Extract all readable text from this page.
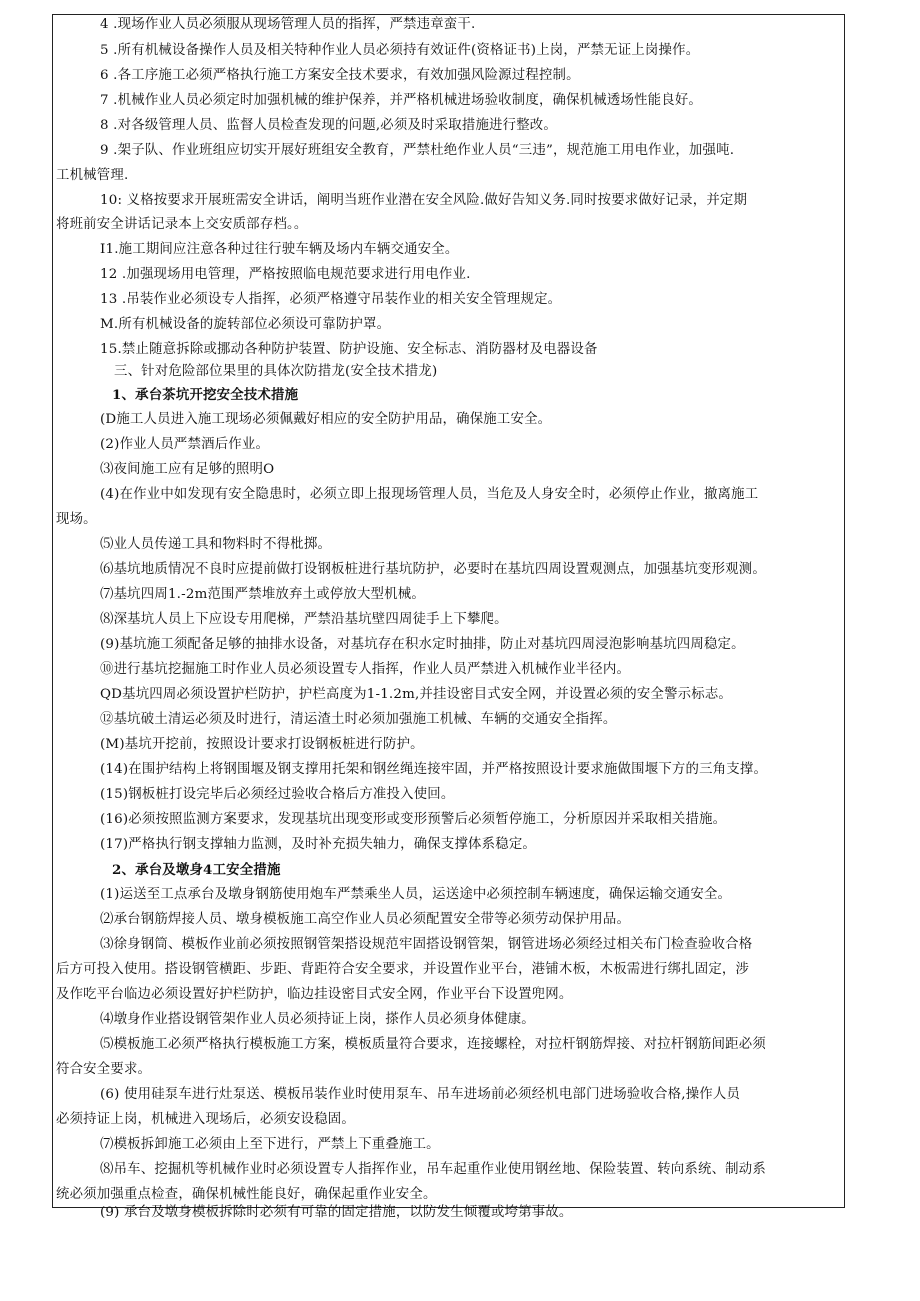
4 .现场作业人员必须服从现场管理人员的指挥，严禁违章蛮干.
5 .所有机械设备操作人员及相关特种作业人员必须持有效证件(资格证书)上岗，严禁无证上岗操作。
6 .各工序施工必须严格执行施工方案安全技术要求，有效加强风险源过程控制。
7 .机械作业人员必须定时加强机械的维护保养，并严格机械进场验收制度，确保机械透场性能良好。
8 .对各级管理人员、监督人员检查发现的问题,必须及时采取措施进行整改。
9 .架子队、作业班组应切实开展好班组安全教育，严禁杜绝作业人员“三违”，规范施工用电作业，加强吨.
工机械管理.
10: 义格按要求开展班需安全讲话，阐明当班作业潜在安全风险.做好告知义务.同时按要求做好记录，并定期
将班前安全讲话记录本上交安质部存档。。
I1.施工期间应注意各种过往行驶车辆及场内车辆交通安全。
12 .加强现场用电管理，严格按照临电规范要求进行用电作业.
13 .吊装作业必须设专人指挥，必须严格遵守吊装作业的相关安全管理规定。
M.所有机械设备的旋转部位必须设可靠防护罩。
15.禁止随意拆除或挪动各种防护装置、防护设施、安全标志、消防器材及电器设备
三、针对危险部位果里的具体次防措龙(安全技术措龙)
1、承台茶坑开挖安全技术措施
(D施工人员进入施工现场必须佩戴好相应的安全防护用品，确保施工安全。
(2)作业人员严禁酒后作业。
⑶夜间施工应有足够的照明O
(4)在作业中如发现有安全隐患时，必须立即上报现场管理人员，当危及人身安全时，必须停止作业，撤离施工
现场。
⑸业人员传递工具和物料时不得枇掷。
⑹基坑地质情况不良时应提前做打设钢板桩进行基坑防护，必要时在基坑四周设置观测点，加强基坑变形观测。
⑺基坑四周1.-2m范围严禁堆放弃土或停放大型机械。
⑻深基坑人员上下应设专用爬梯，严禁沿基坑壁四周徒手上下攀爬。
(9)基坑施工须配备足够的抽排水设备，对基坑存在积水定时抽排，防止对基坑四周浸泡影响基坑四周稳定。
⑩进行基坑挖掘施工时作业人员必须设置专人指挥，作业人员严禁进入机械作业半径内。
QD基坑四周必须设置护栏防护，护栏高度为1-1.2m,并挂设密目式安全网，并设置必须的安全警示标志。
⑫基坑破土清运必须及时进行，清运渣土时必须加强施工机械、车辆的交通安全指挥。
(M)基坑开挖前，按照设计要求打设钢板桩进行防护。
(14)在围护结构上将钢围堰及钢支撑用托架和钢丝绳连接牢固，并严格按照设计要求施做围堰下方的三角支撑。
(15)钢板桩打设完毕后必须经过验收合格后方准投入使回。
(16)必须按照监测方案要求，发现基坑出现变形或变形预警后必须暂停施工，分析原因并采取相关措施。
(17)严格执行钢支撑轴力监测，及时补充损失轴力，确保支撑体系稳定。
2、承台及墩身4工安全措施
(1)运送至工点承台及墩身钢筋使用炮车严禁乘坐人员，运送途中必须控制车辆速度，确保运输交通安全。
⑵承台钢筋焊接人员、墩身模板施工高空作业人员必须配置安全带等必须劳动保护用品。
⑶徐身钢筒、模板作业前必须按照钢管架搭设规范牢固搭设钢管架，钢管进场必须经过相关布门检查验收合格
后方可投入使用。搭设钢管横距、步距、背距符合安全要求，并设置作业平台，港铺木板，木板需进行绑扎固定，涉
及作吃平台临边必须设置好护栏防护，临边挂设密目式安全网，作业平台下设置兜网。
⑷墩身作业搭设钢管架作业人员必须持证上岗，搽作人员必须身体健康。
⑸模板施工必须严格执行模板施工方案，模板质量符合要求，连接螺栓，对拉杆钢筋焊接、对拉杆钢筋间距必须
符合安全要求。
(6) 使用硅泵车进行灶泵送、模板吊装作业时使用泵车、吊车进场前必须经机电部门进场验收合格,操作人员
必须持证上岗，机械进入现场后，必须安设稳固。
⑺模板拆卸施工必须由上至下进行，严禁上下重叠施工。
⑻吊车、挖掘机等机械作业时必须设置专人指挥作业，吊车起重作业使用钢丝地、保险装置、转向系统、制动系
统必须加强重点检查，确保机械性能良好，确保起重作业安全。
(9) 承台及墩身模板拆除时必须有可靠的固定措施，以防发生倾覆或垮第事故。
